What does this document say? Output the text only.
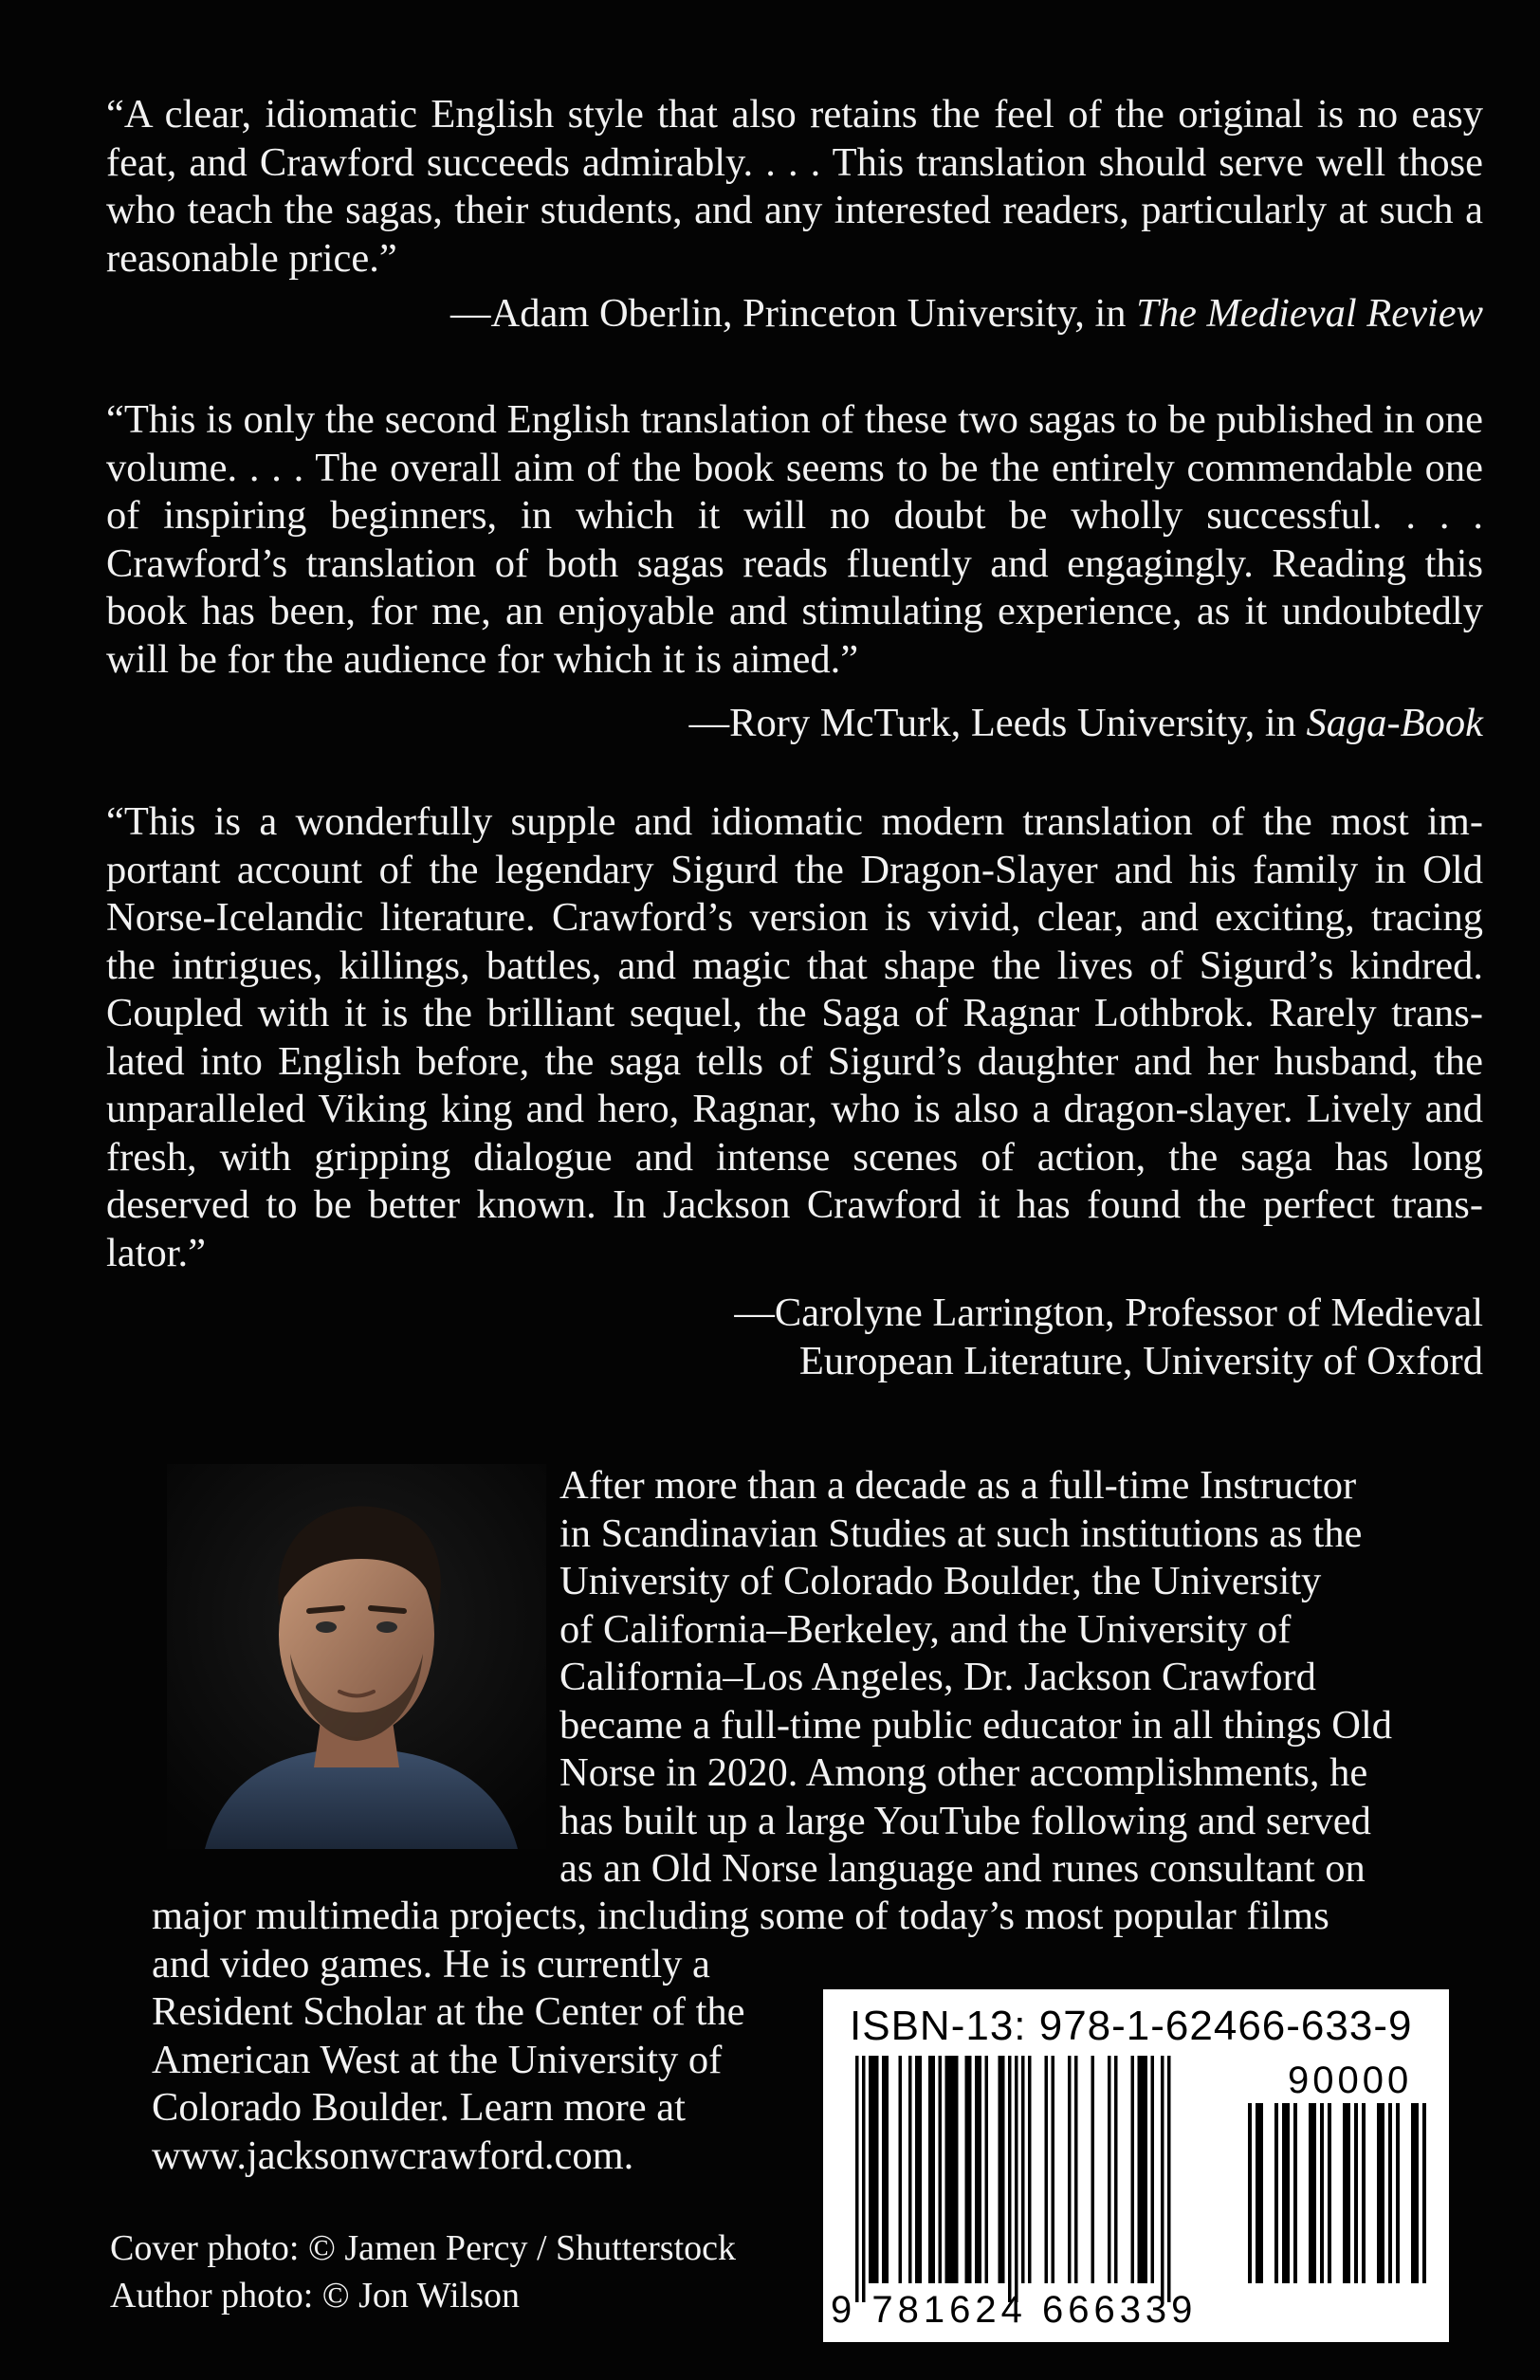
“A clear, idiomatic English style that also retains the feel of the original is no easy feat, and Crawford succeeds admirably. . . . This translation should serve well those who teach the sagas, their students, and any interested readers, particularly at such a reasonable price.”

—Adam Oberlin, Princeton University, in The Medieval Review

“This is only the second English translation of these two sagas to be published in one volume. . . . The overall aim of the book seems to be the entirely commendable one of inspiring beginners, in which it will no doubt be wholly successful. . . . Crawford’s translation of both sagas reads fluently and engagingly. Reading this book has been, for me, an enjoyable and stimulating experience, as it undoubtedly will be for the audience for which it is aimed.”

—Rory McTurk, Leeds University, in Saga-Book

“This is a wonderfully supple and idiomatic modern translation of the most important account of the legendary Sigurd the Dragon-Slayer and his family in Old Norse-Icelandic literature. Crawford’s version is vivid, clear, and exciting, tracing the intrigues, killings, battles, and magic that shape the lives of Sigurd’s kindred. Coupled with it is the brilliant sequel, the Saga of Ragnar Lothbrok. Rarely translated into English before, the saga tells of Sigurd’s daughter and her husband, the unparalleled Viking king and hero, Ragnar, who is also a dragon-slayer. Lively and fresh, with gripping dialogue and intense scenes of action, the saga has long deserved to be better known. In Jackson Crawford it has found the perfect translator.”

—Carolyne Larrington, Professor of Medieval
European Literature, University of Oxford
After more than a decade as a full-time Instructor
in Scandinavian Studies at such institutions as the
University of Colorado Boulder, the University
of California–Berkeley, and the University of
California–Los Angeles, Dr. Jackson Crawford
became a full-time public educator in all things Old
Norse in 2020. Among other accomplishments, he
has built up a large YouTube following and served
as an Old Norse language and runes consultant on
major multimedia projects, including some of today’s most popular films
and video games. He is currently a
Resident Scholar at the Center of the
American West at the University of
Colorado Boulder. Learn more at
www.jacksonwcrawford.com.
Cover photo: © Jamen Percy / Shutterstock
Author photo: © Jon Wilson
ISBN-13: 978-1-62466-633-9
90000
9 781624 666339
